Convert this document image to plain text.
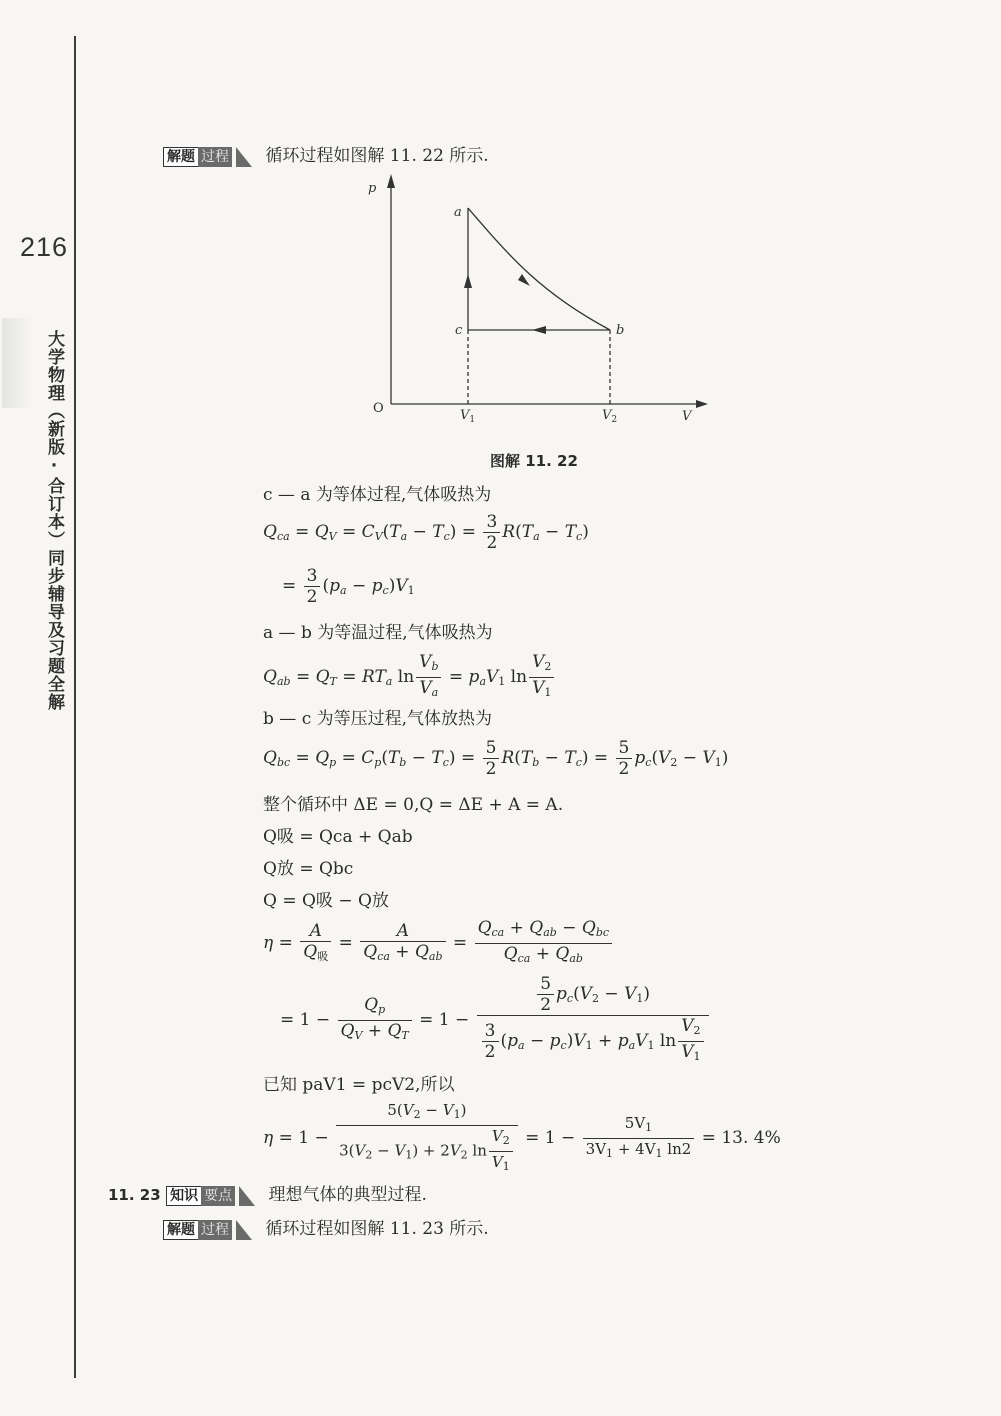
216
大学物理（新版·合订本）同步辅导及习题全解
解题 过程 循环过程如图解 11. 22 所示.
p
V
O
a
b
c
$V_1$	$V_2$
图解 11. 22
c — a 为等体过程,气体吸热为
$Q_{ca} = Q_V = C_V(T_a - T_c) = \frac{3}{2} R(T_a - T_c)$
= $\frac{3}{2} (p_a - p_c)V_1$
a — b 为等温过程,气体吸热为
$Q_{ab} = Q_T = RT_a$ $\ln \frac{V_b}{V_a} = p_aV_1$ $\ln \frac{V_2}{V_1}$
b — c 为等压过程,气体放热为
$Q_{bc} = Q_p = C_p(T_b - T_c) = \frac{5}{2} R(T_b - T_c) = \frac{5}{2} p_c(V_2 - V_1)$
整个循环中 ΔE = 0,Q = ΔE + A = A.
Q吸 = Qca + Qab
Q放 = Qbc
Q = Q吸 − Q放
$\eta = \frac{A}{Q_吸} = \frac{A}{Q_{ca} + Q_{ab}} = \frac{Q_{ca} + Q_{ab} - Q_{bc}}{Q_{ca} + Q_{ab}}$
= $1 - \frac{Q_p}{Q_V + Q_T} = 1 - \frac{\frac{5}{2} p_c(V_2 - V_1)}{\frac{3}{2} (p_a - p_c)V_1 + p_aV_1 \ln \frac{V_2}{V_1}}$
已知 paV1 = pcV2,所以
$\eta = 1 - \frac{5(V_2 - V_1)}{3(V_2 - V_1) + 2V_2 \ln \frac{V_2}{V_1}} = 1 - \frac{5V_1}{3V_1 + 4V_1 \ln 2} = 13$. 4%
11. 23 知识 要点 理想气体的典型过程.
解题 过程 循环过程如图解 11. 23 所示.
